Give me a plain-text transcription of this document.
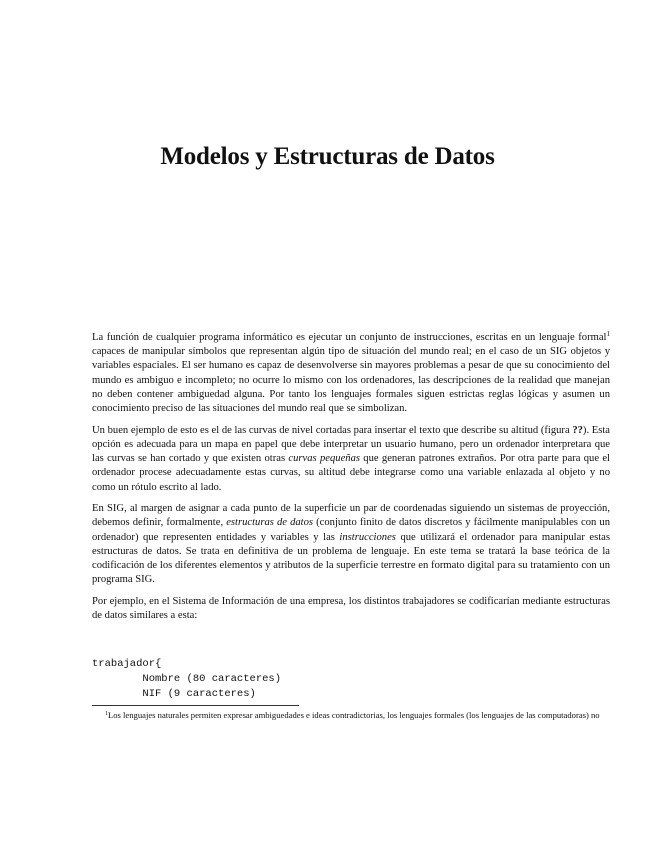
Modelos y Estructuras de Datos

La función de cualquier programa informático es ejecutar un conjunto de instrucciones, escritas en un lenguaje formal$^1$ capaces de manipular símbolos que representan algún tipo de situación del mundo real; en el caso de un SIG objetos y variables espaciales. El ser humano es capaz de desenvolverse sin mayores problemas a pesar de que su conocimiento del mundo es ambiguo e incompleto; no ocurre lo mismo con los ordenadores, las descripciones de la realidad que manejan no deben contener ambiguedad alguna. Por tanto los lenguajes formales siguen estrictas reglas lógicas y asumen un conocimiento preciso de las situaciones del mundo real que se simbolizan.

Un buen ejemplo de esto es el de las curvas de nivel cortadas para insertar el texto que describe su altitud (figura ??). Esta opción es adecuada para un mapa en papel que debe interpretar un usuario humano, pero un ordenador interpretara que las curvas se han cortado y que existen otras curvas pequeñas que generan patrones extraños. Por otra parte para que el ordenador procese adecuadamente estas curvas, su altitud debe integrarse como una variable enlazada al objeto y no como un rótulo escrito al lado.

En SIG, al margen de asignar a cada punto de la superficie un par de coordenadas siguiendo un sistemas de proyección, debemos definir, formalmente, estructuras de datos (conjunto finito de datos discretos y fácilmente manipulables con un ordenador) que representen entidades y variables y las instrucciones que utilizará el ordenador para manipular estas estructuras de datos. Se trata en definitiva de un problema de lenguaje. En este tema se tratará la base teórica de la codificación de los diferentes elementos y atributos de la superficie terrestre en formato digital para su tratamiento con un programa SIG.

Por ejemplo, en el Sistema de Información de una empresa, los distintos trabajadores se codificarían mediante estructuras de datos similares a esta:

trabajador{
Nombre (80 caracteres)
NIF (9 caracteres)

$^1$Los lenguajes naturales permiten expresar ambiguedades e ideas contradictorias, los lenguajes formales (los lenguajes de las computadoras) no
